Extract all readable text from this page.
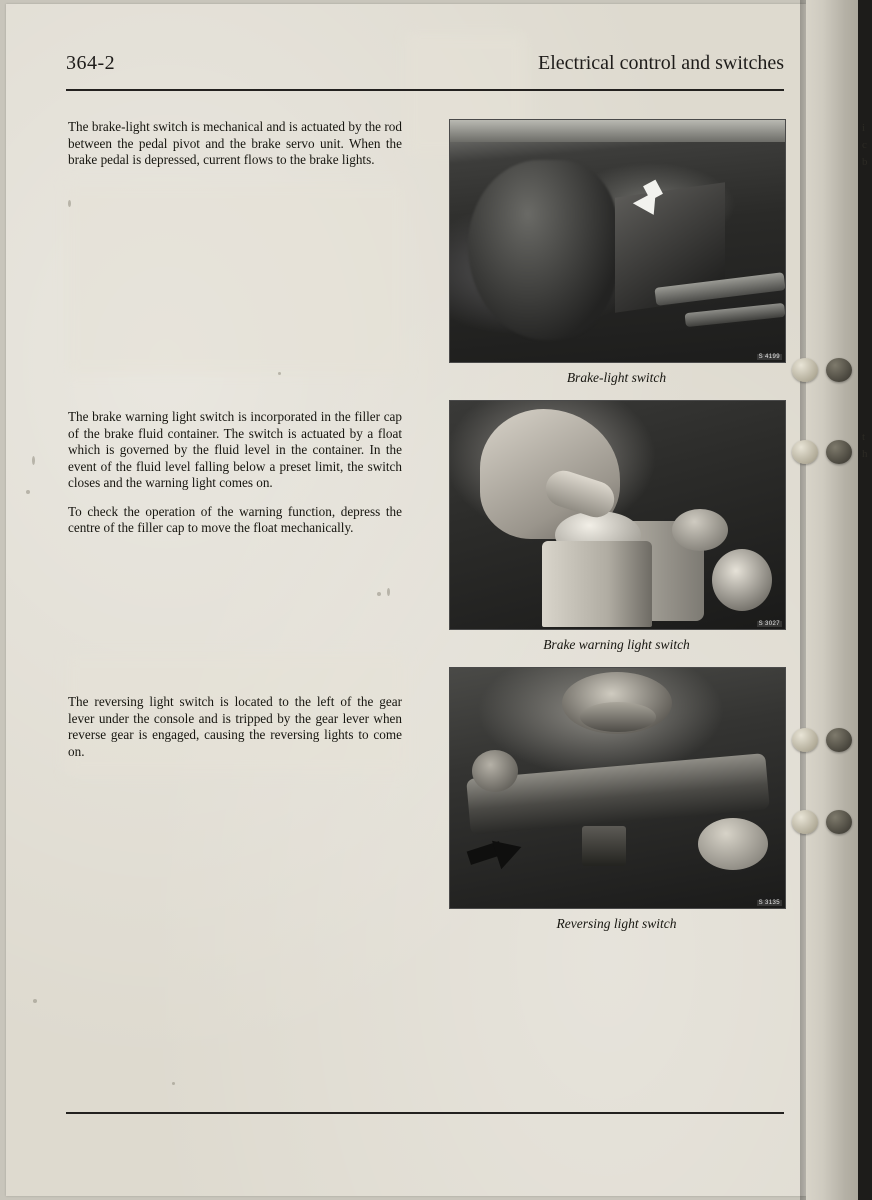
364-2	Electrical control and switches

The brake-light switch is mechanical and is actuated by the rod between the pedal pivot and the brake servo unit. When the brake pedal is depressed, current flows to the brake lights.

The brake warning light switch is incorporated in the filler cap of the brake fluid container. The switch is actuated by a float which is governed by the fluid level in the container. In the event of the fluid level falling below a preset limit, the switch closes and the warning light comes on.

To check the operation of the warning function, depress the centre of the filler cap to move the float mechanically.

The reversing light switch is located to the left of the gear lever under the console and is tripped by the gear lever when reverse gear is engaged, causing the reversing lights to come on.

S 4199
Brake-light switch
S 3027
Brake warning light switch
S 3135
Reversing light switch
i
c
b
t
h
